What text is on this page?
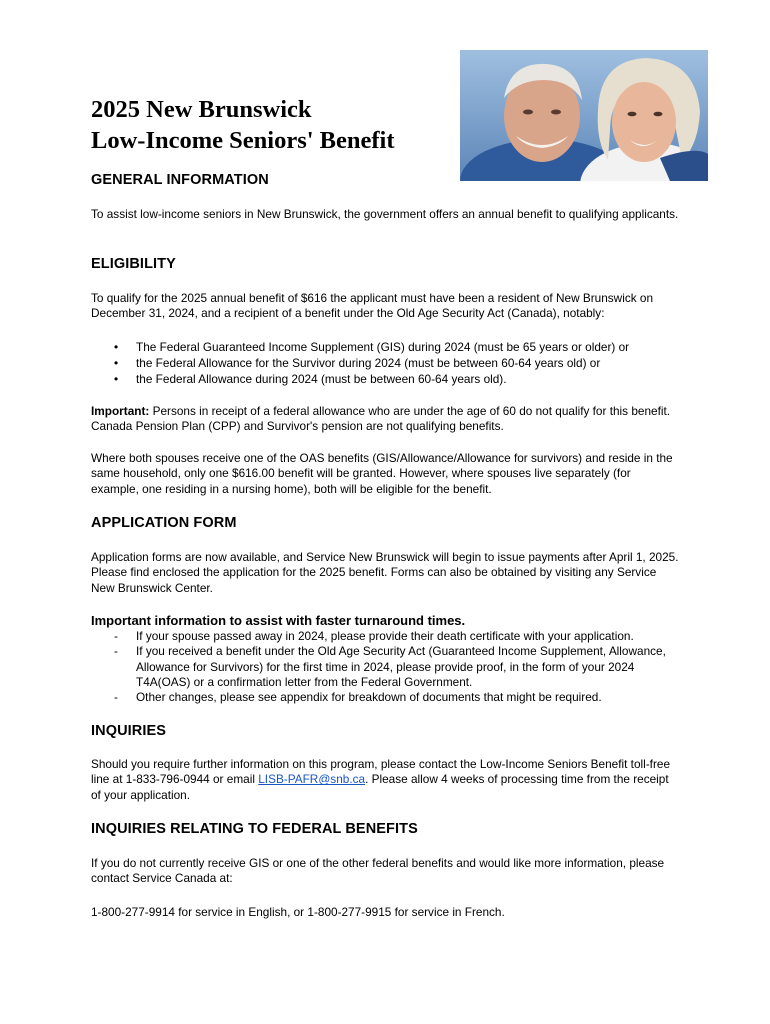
2025 New Brunswick
Low-Income Seniors' Benefit
GENERAL INFORMATION

To assist low-income seniors in New Brunswick, the government offers an annual benefit to qualifying applicants.

ELIGIBILITY

To qualify for the 2025 annual benefit of $616 the applicant must have been a resident of New Brunswick on December 31, 2024, and a recipient of a benefit under the Old Age Security Act (Canada), notably:

• The Federal Guaranteed Income Supplement (GIS) during 2024 (must be 65 years or older) or
• the Federal Allowance for the Survivor during 2024 (must be between 60-64 years old) or
• the Federal Allowance during 2024 (must be between 60-64 years old).

Important: Persons in receipt of a federal allowance who are under the age of 60 do not qualify for this benefit. Canada Pension Plan (CPP) and Survivor's pension are not qualifying benefits.

Where both spouses receive one of the OAS benefits (GIS/Allowance/Allowance for survivors) and reside in the same household, only one $616.00 benefit will be granted. However, where spouses live separately (for example, one residing in a nursing home), both will be eligible for the benefit.

APPLICATION FORM

Application forms are now available, and Service New Brunswick will begin to issue payments after April 1, 2025. Please find enclosed the application for the 2025 benefit. Forms can also be obtained by visiting any Service New Brunswick Center.

Important information to assist with faster turnaround times.

- If your spouse passed away in 2024, please provide their death certificate with your application.
- If you received a benefit under the Old Age Security Act (Guaranteed Income Supplement, Allowance, Allowance for Survivors) for the first time in 2024, please provide proof, in the form of your 2024 T4A(OAS) or a confirmation letter from the Federal Government.
- Other changes, please see appendix for breakdown of documents that might be required.
INQUIRIES

Should you require further information on this program, please contact the Low-Income Seniors Benefit toll-free line at 1-833-796-0944 or email LISB-PAFR@snb.ca. Please allow 4 weeks of processing time from the receipt of your application.

INQUIRIES RELATING TO FEDERAL BENEFITS

If you do not currently receive GIS or one of the other federal benefits and would like more information, please contact Service Canada at:

1-800-277-9914 for service in English, or 1-800-277-9915 for service in French.
